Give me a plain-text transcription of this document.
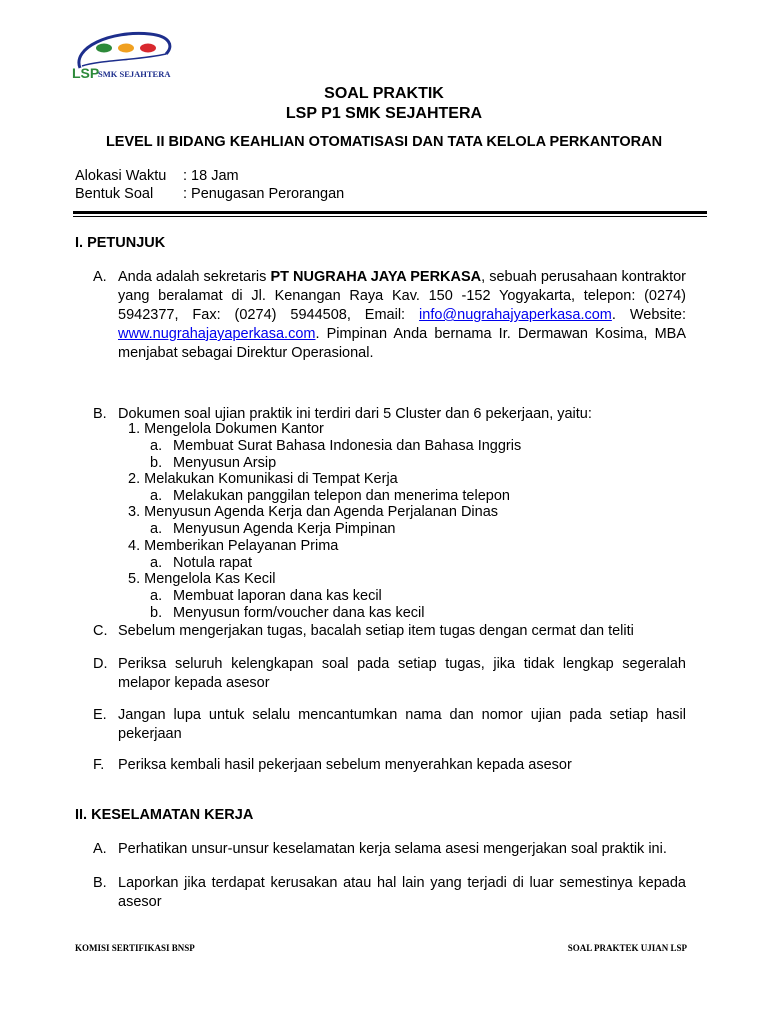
LSP
SMK SEJAHTERA
SOAL PRAKTIK
LSP P1 SMK SEJAHTERA
LEVEL II BIDANG KEAHLIAN OTOMATISASI DAN TATA KELOLA PERKANTORAN
Alokasi Waktu : 18 Jam
Bentuk Soal : Penugasan Perorangan
I. PETUNJUK
A. Anda adalah sekretaris PT NUGRAHA JAYA PERKASA, sebuah perusahaan kontraktor yang beralamat di Jl. Kenangan Raya Kav. 150 -152 Yogyakarta, telepon: (0274) 5942377, Fax: (0274) 5944508, Email: info@nugrahajyaperkasa.com. Website: www.nugrahajayaperkasa.com. Pimpinan Anda bernama Ir. Dermawan Kosima, MBA menjabat sebagai Direktur Operasional.
B. Dokumen soal ujian praktik ini terdiri dari 5 Cluster dan 6 pekerjaan, yaitu:
1. Mengelola Dokumen Kantor
a. Membuat Surat Bahasa Indonesia dan Bahasa Inggris
b. Menyusun Arsip
2. Melakukan Komunikasi di Tempat Kerja
a. Melakukan panggilan telepon dan menerima telepon
3. Menyusun Agenda Kerja dan Agenda Perjalanan Dinas
a. Menyusun Agenda Kerja Pimpinan
4. Memberikan Pelayanan Prima
a. Notula rapat
5. Mengelola Kas Kecil
a. Membuat laporan dana kas kecil
b. Menyusun form/voucher dana kas kecil
C. Sebelum mengerjakan tugas, bacalah setiap item tugas dengan cermat dan teliti
D. Periksa seluruh kelengkapan soal pada setiap tugas, jika tidak lengkap segeralah melapor kepada asesor
E. Jangan lupa untuk selalu mencantumkan nama dan nomor ujian pada setiap hasil pekerjaan
F. Periksa kembali hasil pekerjaan sebelum menyerahkan kepada asesor
II. KESELAMATAN KERJA
A. Perhatikan unsur-unsur keselamatan kerja selama asesi mengerjakan soal praktik ini.
B. Laporkan jika terdapat kerusakan atau hal lain yang terjadi di luar semestinya kepada asesor
KOMISI SERTIFIKASI BNSP	SOAL PRAKTEK UJIAN LSP
